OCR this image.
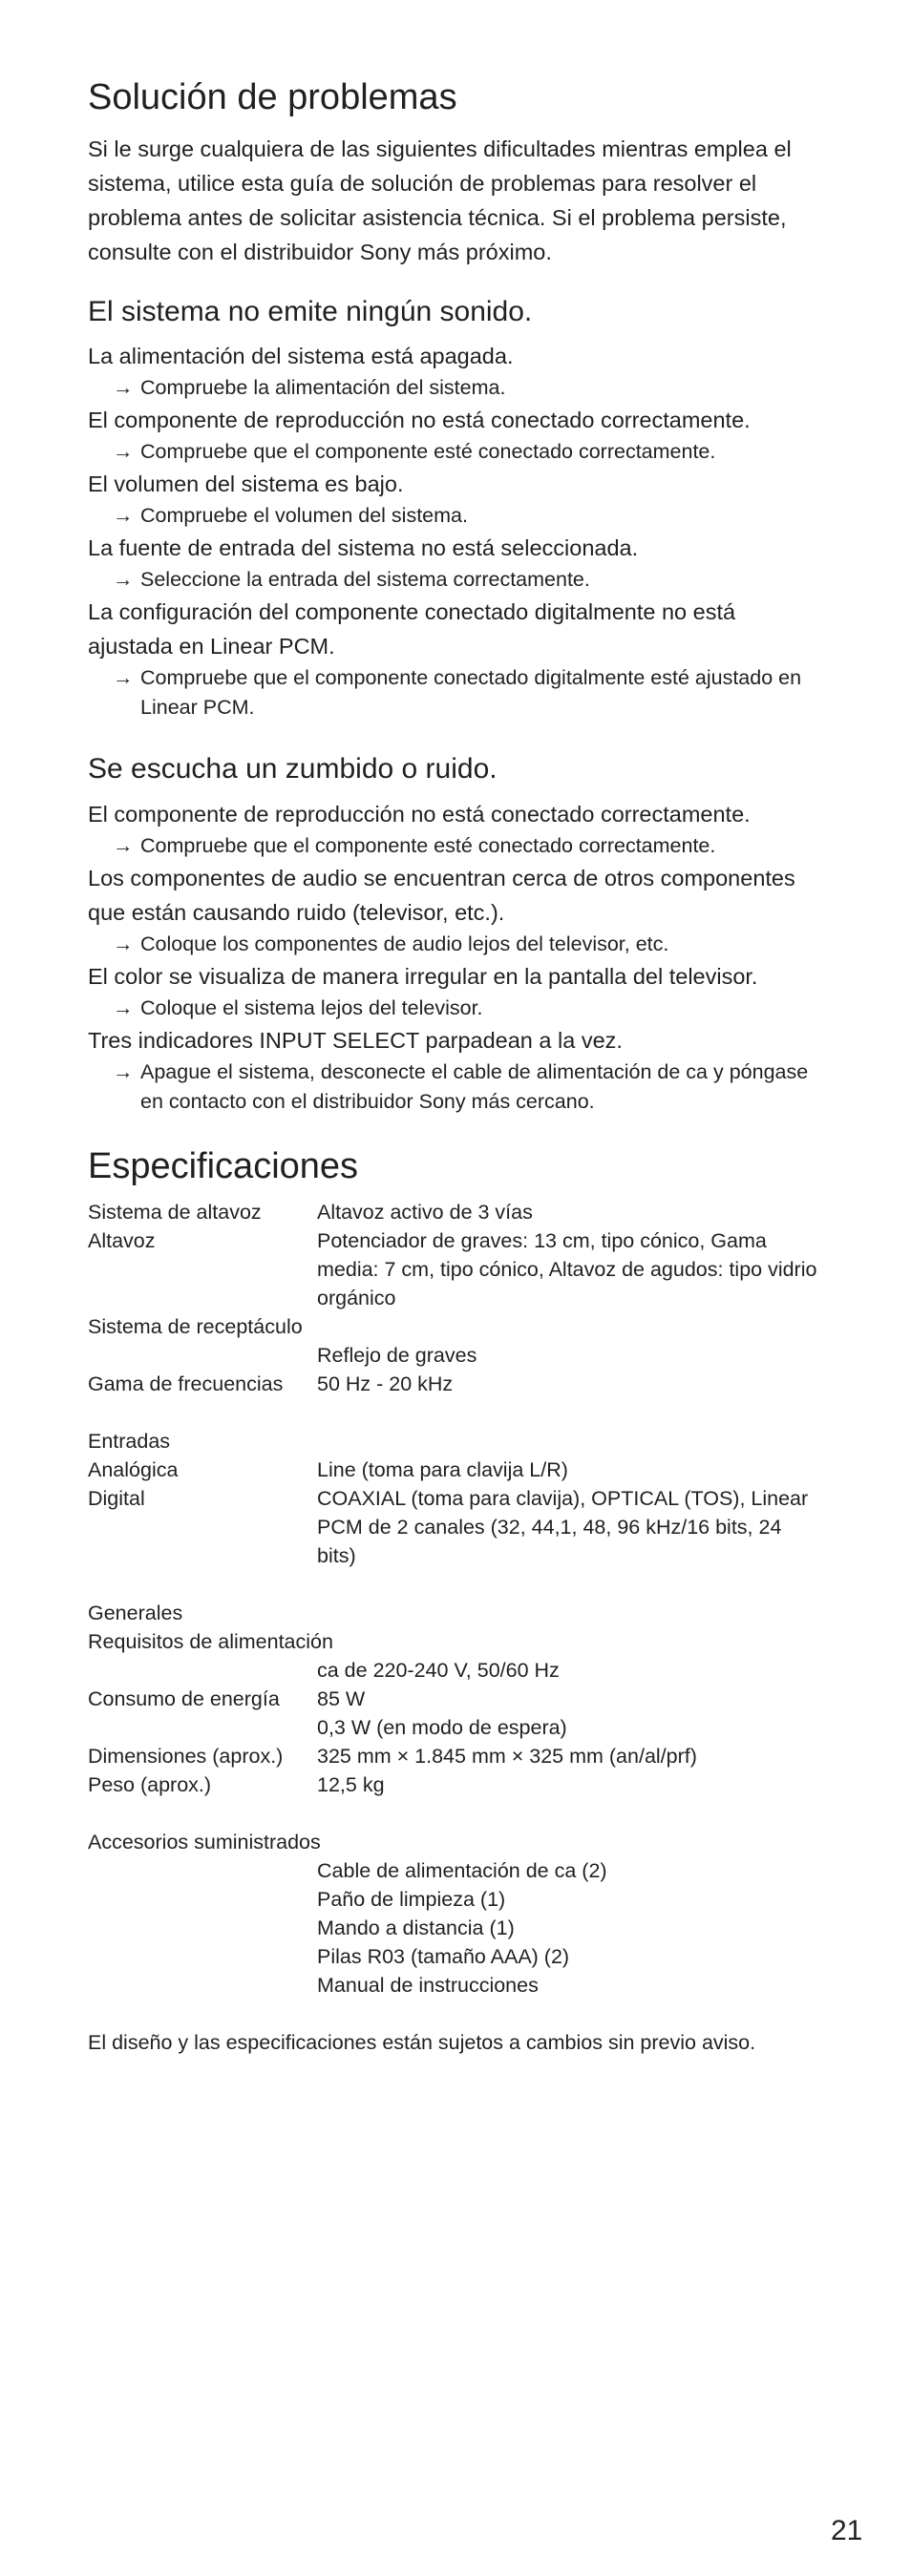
Solución de problemas

Si le surge cualquiera de las siguientes dificultades mientras emplea el sistema, utilice esta guía de solución de problemas para resolver el problema antes de solicitar asistencia técnica. Si el problema persiste, consulte con el distribuidor Sony más próximo.

El sistema no emite ningún sonido.
La alimentación del sistema está apagada.
→ Compruebe la alimentación del sistema.
El componente de reproducción no está conectado correctamente.
→ Compruebe que el componente esté conectado correctamente.
El volumen del sistema es bajo.
→ Compruebe el volumen del sistema.
La fuente de entrada del sistema no está seleccionada.
→ Seleccione la entrada del sistema correctamente.
La configuración del componente conectado digitalmente no está ajustada en Linear PCM.
→ Compruebe que el componente conectado digitalmente esté ajustado en Linear PCM.
Se escucha un zumbido o ruido.
El componente de reproducción no está conectado correctamente.
→ Compruebe que el componente esté conectado correctamente.
Los componentes de audio se encuentran cerca de otros componentes que están causando ruido (televisor, etc.).
→ Coloque los componentes de audio lejos del televisor, etc.
El color se visualiza de manera irregular en la pantalla del televisor.
→ Coloque el sistema lejos del televisor.
Tres indicadores INPUT SELECT parpadean a la vez.
→ Apague el sistema, desconecte el cable de alimentación de ca y póngase en contacto con el distribuidor Sony más cercano.
Especificaciones
Sistema de altavoz	Altavoz activo de 3 vías
Altavoz	Potenciador de graves: 13 cm, tipo cónico, Gama media: 7 cm, tipo cónico, Altavoz de agudos: tipo vidrio orgánico
Sistema de receptáculo
Reflejo de graves
Gama de frecuencias	50 Hz - 20 kHz
Entradas
Analógica	Line (toma para clavija L/R)
Digital	COAXIAL (toma para clavija), OPTICAL (TOS), Linear PCM de 2 canales (32, 44,1, 48, 96 kHz/16 bits, 24 bits)
Generales
Requisitos de alimentación
ca de 220-240 V, 50/60 Hz
Consumo de energía	85 W
0,3 W (en modo de espera)
Dimensiones (aprox.)	325 mm × 1.845 mm × 325 mm (an/al/prf)
Peso (aprox.)	12,5 kg
Accesorios suministrados
Cable de alimentación de ca (2)
Paño de limpieza (1)
Mando a distancia (1)
Pilas R03 (tamaño AAA) (2)
Manual de instrucciones
El diseño y las especificaciones están sujetos a cambios sin previo aviso.
21
